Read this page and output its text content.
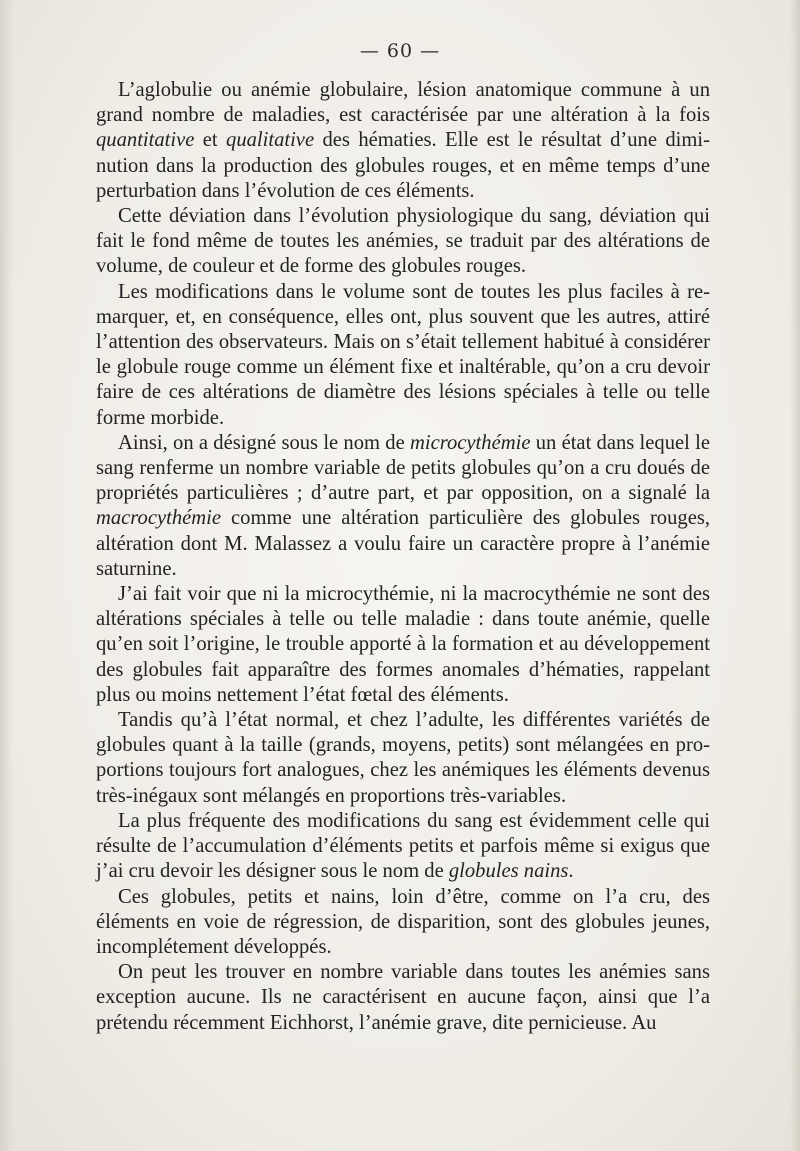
— 60 —

L’aglobulie ou anémie globulaire, lésion anatomique commune à un grand nombre de maladies, est caractérisée par une altération à la fois quantitative et qualitative des hématies. Elle est le résultat d’une diminution dans la production des globules rouges, et en même temps d’une perturbation dans l’évolution de ces éléments.

Cette déviation dans l’évolution physiologique du sang, déviation qui fait le fond même de toutes les anémies, se traduit par des altérations de volume, de couleur et de forme des globules rouges.

Les modifications dans le volume sont de toutes les plus faciles à remarquer, et, en conséquence, elles ont, plus souvent que les autres, attiré l’attention des observateurs. Mais on s’était tellement habitué à considérer le globule rouge comme un élément fixe et inaltérable, qu’on a cru devoir faire de ces altérations de diamètre des lésions spéciales à telle ou telle forme morbide.

Ainsi, on a désigné sous le nom de microcythémie un état dans lequel le sang renferme un nombre variable de petits globules qu’on a cru doués de propriétés particulières ; d’autre part, et par opposition, on a signalé la macrocythémie comme une altération particulière des globules rouges, altération dont M. Malassez a voulu faire un caractère propre à l’anémie saturnine.

J’ai fait voir que ni la microcythémie, ni la macrocythémie ne sont des altérations spéciales à telle ou telle maladie : dans toute anémie, quelle qu’en soit l’origine, le trouble apporté à la formation et au développement des globules fait apparaître des formes anomales d’hématies, rappelant plus ou moins nettement l’état fœtal des éléments.

Tandis qu’à l’état normal, et chez l’adulte, les différentes variétés de globules quant à la taille (grands, moyens, petits) sont mélangées en proportions toujours fort analogues, chez les anémiques les éléments devenus très-inégaux sont mélangés en proportions très-variables.

La plus fréquente des modifications du sang est évidemment celle qui résulte de l’accumulation d’éléments petits et parfois même si exigus que j’ai cru devoir les désigner sous le nom de globules nains.

Ces globules, petits et nains, loin d’être, comme on l’a cru, des éléments en voie de régression, de disparition, sont des globules jeunes, incomplétement développés.

On peut les trouver en nombre variable dans toutes les anémies sans exception aucune. Ils ne caractérisent en aucune façon, ainsi que l’a prétendu récemment Eichhorst, l’anémie grave, dite pernicieuse. Au
